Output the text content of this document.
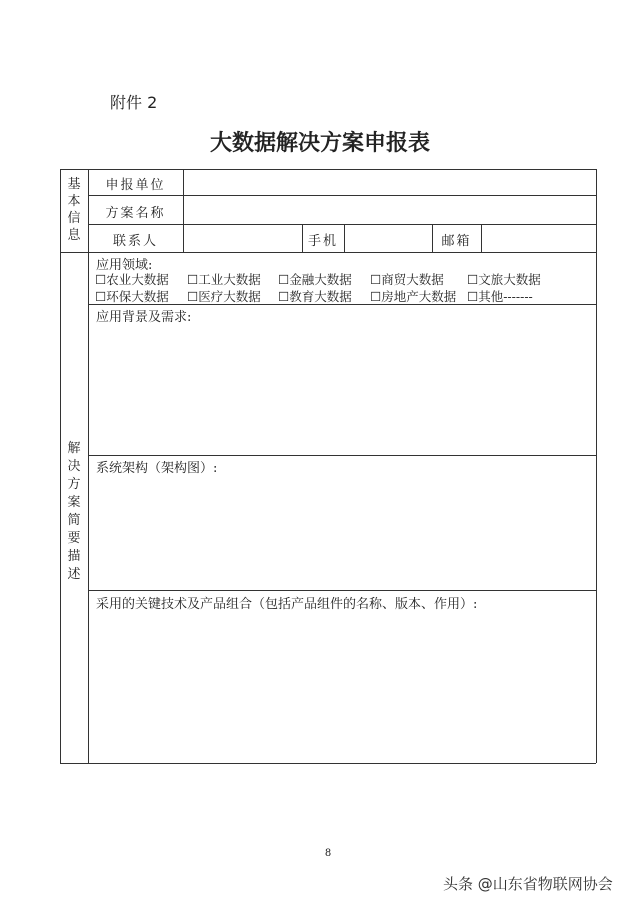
附件 2
大数据解决方案申报表
基本信息
申报单位
方案名称
联系人	手机	邮箱
解决方案简要描述
应用领域:
☐农业大数据	☐工业大数据	☐金融大数据	☐商贸大数据	☐文旅大数据
☐环保大数据	☐医疗大数据	☐教育大数据	☐房地产大数据 ☐其他-------
应用背景及需求:
系统架构（架构图）:
采用的关键技术及产品组合（包括产品组件的名称、版本、作用）:
8
头条 @山东省物联网协会
